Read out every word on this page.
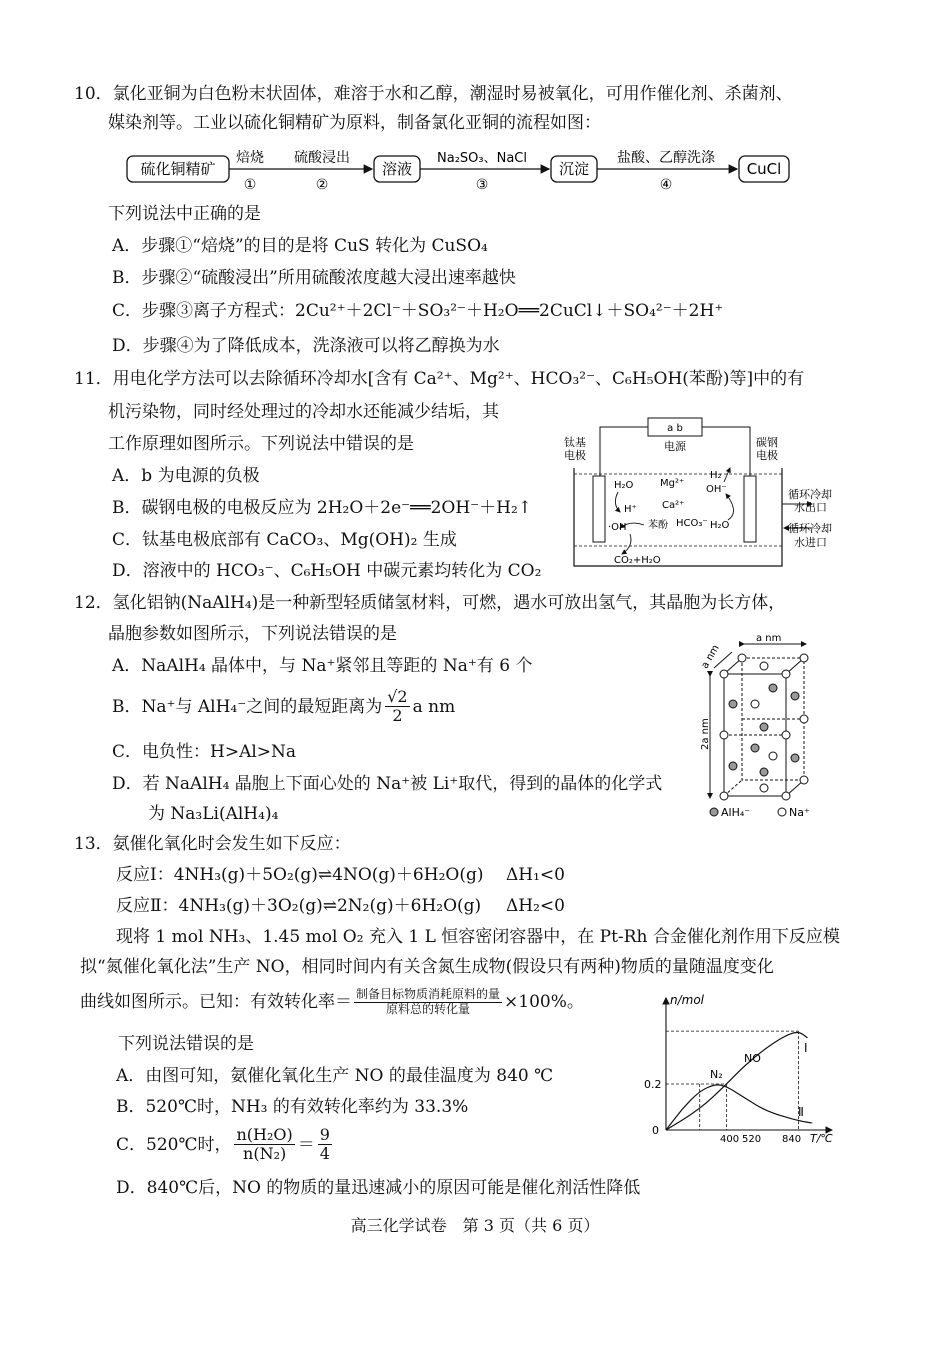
10．氯化亚铜为白色粉末状固体，难溶于水和乙醇，潮湿时易被氧化，可用作催化剂、杀菌剂、
媒染剂等。工业以硫化铜精矿为原料，制备氯化亚铜的流程如图：
硫化铜精矿
焙烧
①
硫酸浸出
②
溶液
Na₂SO₃、NaCl
③
沉淀
盐酸、乙醇洗涤
④
CuCl
下列说法中正确的是
A．步骤①“焙烧”的目的是将 CuS 转化为 CuSO₄
B．步骤②“硫酸浸出”所用硫酸浓度越大浸出速率越快
C．步骤③离子方程式：2Cu²⁺＋2Cl⁻＋SO₃²⁻＋H₂O══2CuCl↓＋SO₄²⁻＋2H⁺
D．步骤④为了降低成本，洗涤液可以将乙醇换为水
11．用电化学方法可以去除循环冷却水[含有 Ca²⁺、Mg²⁺、HCO₃²⁻、C₆H₅OH(苯酚)等]中的有
机污染物，同时经处理过的冷却水还能减少结垢，其
工作原理如图所示。下列说法中错误的是
A．b 为电源的负极
B．碳钢电极的电极反应为 2H₂O＋2e⁻══2OH⁻＋H₂↑
C．钛基电极底部有 CaCO₃、Mg(OH)₂ 生成
D．溶液中的 HCO₃⁻、C₆H₅OH 中碳元素均转化为 CO₂
a b
电源
钛基
电极
碳钢
电极
循环冷却
水出口
循环冷却
水进口
H₂O	Mg²⁺
H₂
OH⁻
H⁺	Ca²⁺
·OH 苯酚 HCO₃⁻ H₂O
CO₂+H₂O
12．氢化铝钠(NaAlH₄)是一种新型轻质储氢材料，可燃，遇水可放出氢气，其晶胞为长方体，
晶胞参数如图所示，下列说法错误的是
A．NaAlH₄ 晶体中，与 Na⁺紧邻且等距的 Na⁺有 6 个
B．Na⁺与 AlH₄⁻之间的最短距离为 $\frac{√2}{2}$ a nm
C．电负性：H>Al>Na
D．若 NaAlH₄ 晶胞上下面心处的 Na⁺被 Li⁺取代，得到的晶体的化学式
为 Na₃Li(AlH₄)₄
a nm
a nm
2a nm
AlH₄⁻	Na⁺
13．氨催化氧化时会发生如下反应：
反应Ⅰ：4NH₃(g)＋5O₂(g)⇌4NO(g)＋6H₂O(g) ΔH₁<0
反应Ⅱ：4NH₃(g)＋3O₂(g)⇌2N₂(g)＋6H₂O(g) ΔH₂<0
现将 1 mol NH₃、1.45 mol O₂ 充入 1 L 恒容密闭容器中，在 Pt-Rh 合金催化剂作用下反应模
拟“氮催化氧化法”生产 NO，相同时间内有关含氮生成物(假设只有两种)物质的量随温度变化
曲线如图所示。已知：有效转化率＝ $\frac{\text{制备目标物质消耗原料的量}}{\text{原料总的转化量}} \times 100\%$。
下列说法错误的是
A．由图可知，氨催化氧化生产 NO 的最佳温度为 840 ℃
B．520℃时，NH₃ 的有效转化率约为 33.3%
C．520℃时， $\frac{\text{n(H₂O)}}{\text{n(N₂)}} = \frac{9}{4}$
D．840℃后，NO 的物质的量迅速减小的原因可能是催化剂活性降低
n/mol
T/℃
0
0.2
400 520 840
N₂
NO
Ⅰ
Ⅱ
高三化学试卷　第 3 页（共 6 页）
